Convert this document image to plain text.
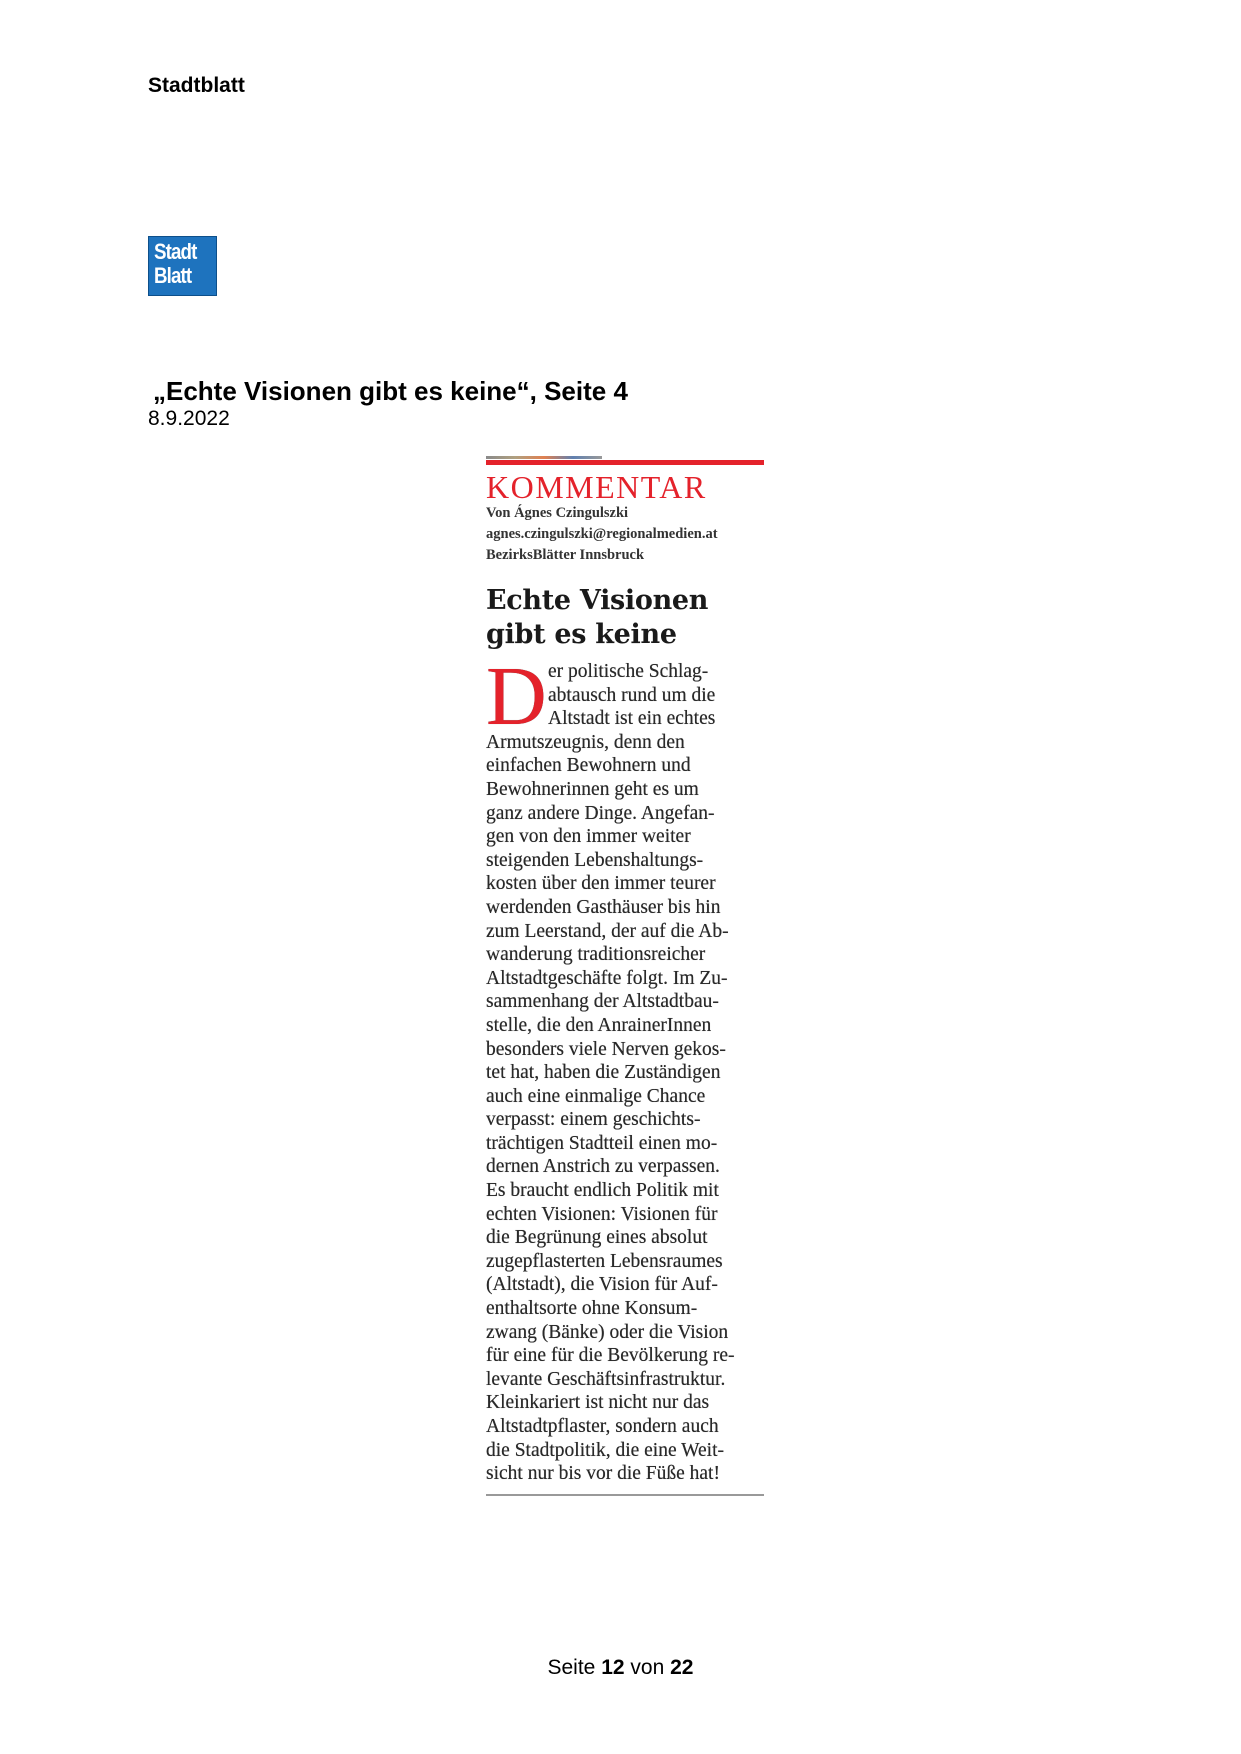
Stadtblatt
Stadt
Blatt
„Echte Visionen gibt es keine“, Seite 4
8.9.2022
KOMMENTAR
Von Ágnes Czingulszki
agnes.czingulszki@regionalmedien.at
BezirksBlätter Innsbruck
Echte Visionen
gibt es keine
D er politische Schlag-
abtausch rund um die
Altstadt ist ein echtes
Armutszeugnis, denn den
einfachen Bewohnern und
Bewohnerinnen geht es um
ganz andere Dinge. Angefan-
gen von den immer weiter
steigenden Lebenshaltungs-
kosten über den immer teurer
werdenden Gasthäuser bis hin
zum Leerstand, der auf die Ab-
wanderung traditionsreicher
Altstadtgeschäfte folgt. Im Zu-
sammenhang der Altstadtbau-
stelle, die den AnrainerInnen
besonders viele Nerven gekos-
tet hat, haben die Zuständigen
auch eine einmalige Chance
verpasst: einem geschichts-
trächtigen Stadtteil einen mo-
dernen Anstrich zu verpassen.
Es braucht endlich Politik mit
echten Visionen: Visionen für
die Begrünung eines absolut
zugepflasterten Lebensraumes
(Altstadt), die Vision für Auf-
enthaltsorte ohne Konsum-
zwang (Bänke) oder die Vision
für eine für die Bevölkerung re-
levante Geschäftsinfrastruktur.
Kleinkariert ist nicht nur das
Altstadtpflaster, sondern auch
die Stadtpolitik, die eine Weit-
sicht nur bis vor die Füße hat!
Seite 12 von 22
